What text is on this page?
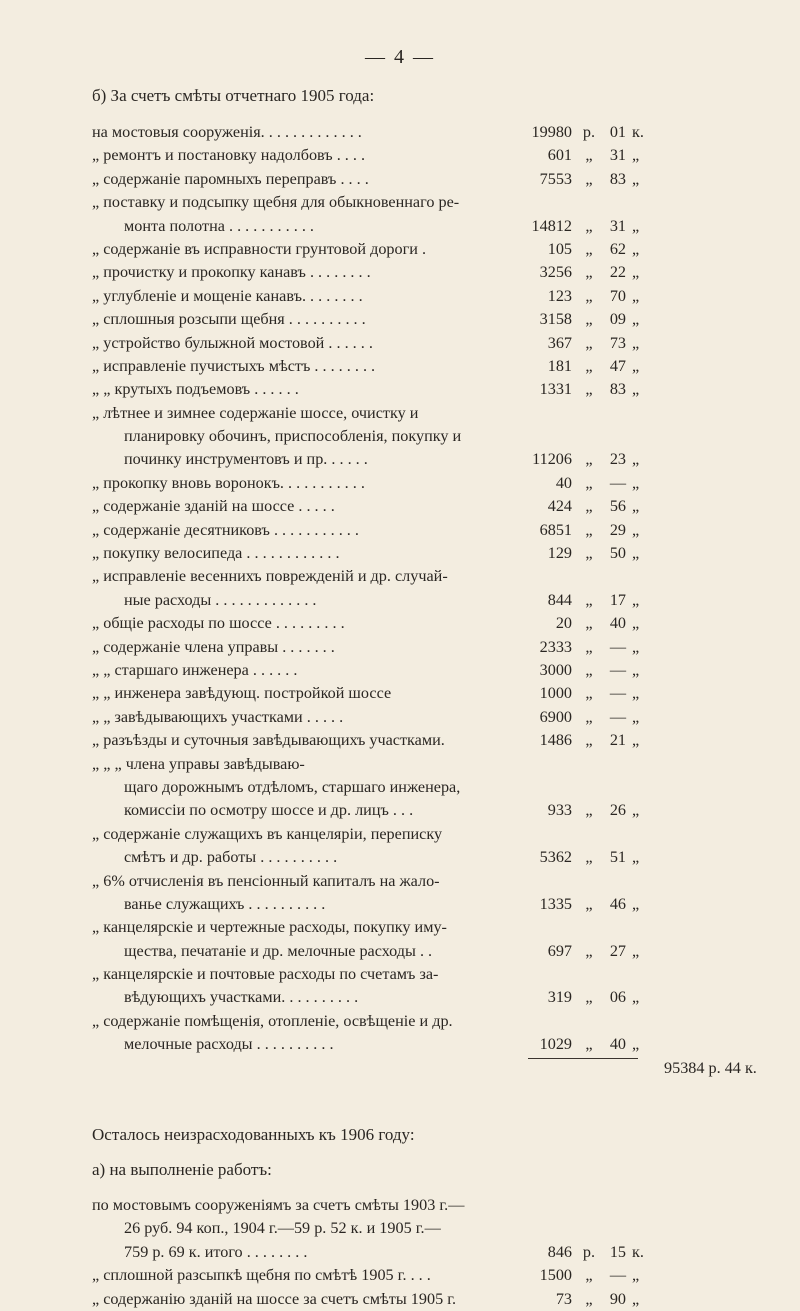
— 4 —
б) За счетъ смѣты отчетнаго 1905 года:
на мостовыя сооруженія. . . . . . . . . . . . .	19980 р. 01 к.
„ ремонтъ и постановку надолбовъ . . . .	601 „	31 „
„ содержаніе паромныхъ переправъ . . . .	7553 „	83 „
„ поставку и подсыпку щебня для обыкновеннаго ре-
монта полотна . . . . . . . . . . .	14812 „	31 „
„ содержаніе въ исправности грунтовой дороги .	105 „	62 „
„ прочистку и прокопку канавъ . . . . . . . .	3256 „	22 „
„ углубленіе и мощеніе канавъ. . . . . . . .	123 „	70 „
„ сплошныя розсыпи щебня . . . . . . . . . .	3158 „	09 „
„ устройство булыжной мостовой . . . . . .	367 „	73 „
„ исправленіе пучистыхъ мѣстъ . . . . . . . .	181 „	47 „
„ „ крутыхъ подъемовъ . . . . . .	1331 „	83 „
„ лѣтнее и зимнее содержаніе шоссе, очистку и
планировку обочинъ, приспособленія, покупку и
починку инструментовъ и пр. . . . . .	11206 „	23 „
„ прокопку вновь воронокъ. . . . . . . . . . .	40 „	— „
„ содержаніе зданій на шоссе . . . . .	424 „	56 „
„ содержаніе десятниковъ . . . . . . . . . . .	6851 „	29 „
„ покупку велосипеда . . . . . . . . . . . .	129 „	50 „
„ исправленіе весеннихъ поврежденій и др. случай-
ные расходы . . . . . . . . . . . . .	844 „	17 „
„ общіе расходы по шоссе . . . . . . . . .	20 „	40 „
„ содержаніе члена управы . . . . . . .	2333 „	— „
„ „ старшаго инженера . . . . . .	3000 „	— „
„ „ инженера завѣдующ. постройкой шоссе	1000 „	— „
„ „ завѣдывающихъ участками . . . . .	6900 „	— „
„ разъѣзды и суточныя завѣдывающихъ участками.	1486 „	21 „
„ „ „ члена управы завѣдываю-
щаго дорожнымъ отдѣломъ, старшаго инженера,
комиссіи по осмотру шоссе и др. лицъ . . .	933 „	26 „
„ содержаніе служащихъ въ канцеляріи, переписку
смѣтъ и др. работы . . . . . . . . . .	5362 „	51 „
„ 6% отчисленія въ пенсіонный капиталъ на жало-
ванье служащихъ . . . . . . . . . .	1335 „	46 „
„ канцелярскіе и чертежные расходы, покупку иму-
щества, печатаніе и др. мелочные расходы . .	697 „	27 „
„ канцелярскіе и почтовые расходы по счетамъ за-
вѣдующихъ участками. . . . . . . . . .	319 „	06 „
„ содержаніе помѣщенія, отопленіе, освѣщеніе и др.
мелочные расходы . . . . . . . . . .	1029 „	40 „
95384 р. 44 к.
Осталось неизрасходованныхъ къ 1906 году:
а) на выполненіе работъ:
по мостовымъ сооруженіямъ за счетъ смѣты 1903 г.—
26 руб. 94 коп., 1904 г.—59 р. 52 к. и 1905 г.—
759 р. 69 к. итого . . . . . . . .	846 р. 15 к.
„ сплошной разсыпкѣ щебня по смѣтѣ 1905 г. . . .	1500 „	— „
„ содержанію зданій на шоссе за счетъ смѣты 1905 г.	73 „	90 „
